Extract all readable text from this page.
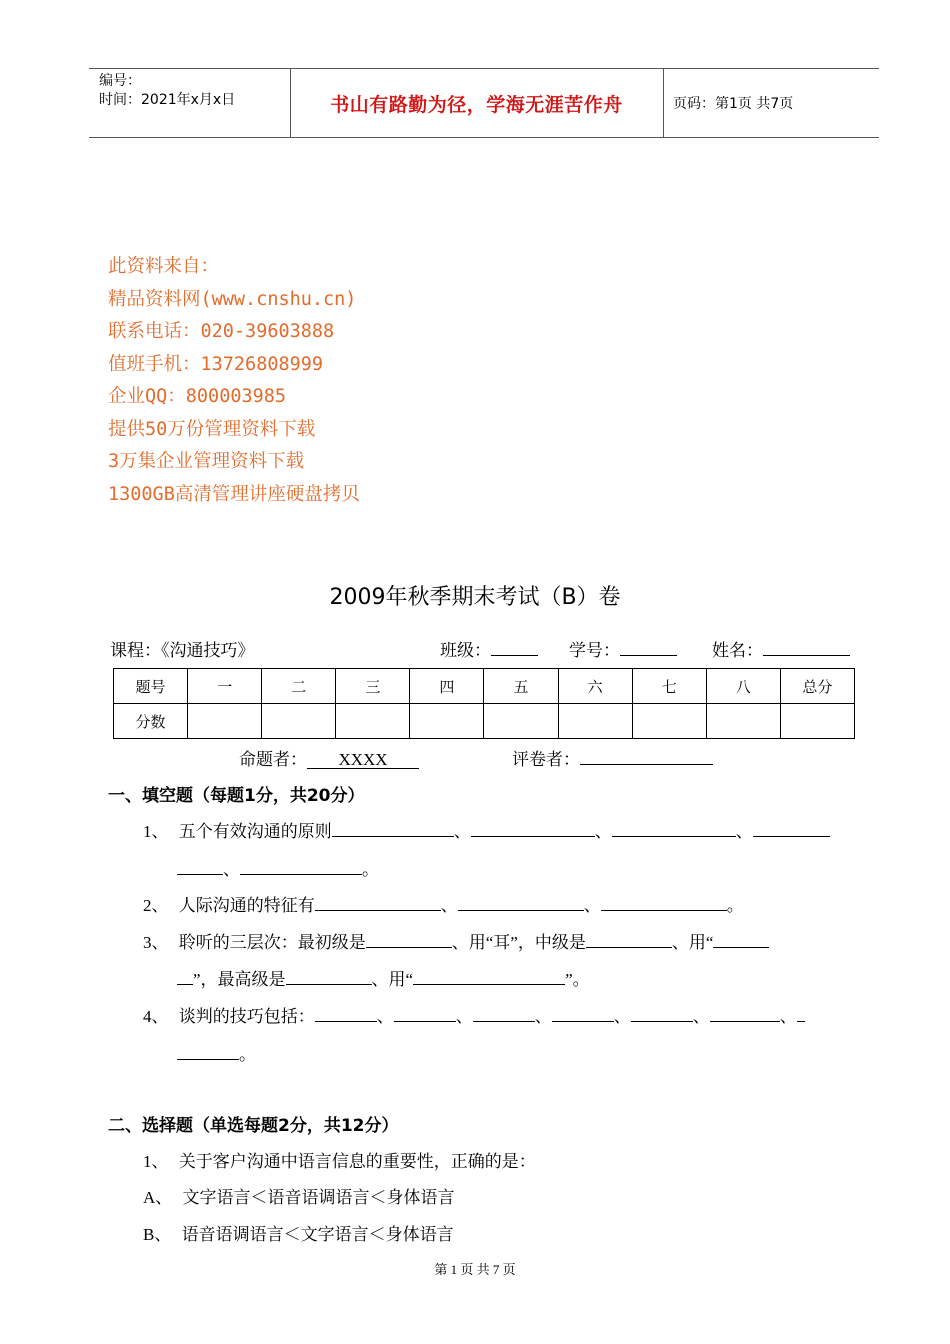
编号：
时间：2021年x月x日	书山有路勤为径，学海无涯苦作舟	页码：第1页 共7页
此资料来自：
精品资料网(www.cnshu.cn)
联系电话：020-39603888
值班手机：13726808999
企业QQ：800003985
提供50万份管理资料下载
3万集企业管理资料下载
1300GB高清管理讲座硬盘拷贝
2009年秋季期末考试（B）卷
课程：《沟通技巧》	班级：	学号：	姓名：
题号	一	二	三	四	五	六	七	八	总分
分数									
命题者： XXXX	评卷者：
一、填空题（每题1分，共20分）
1、 五个有效沟通的原则	、	、	、
、	。
2、 人际沟通的特征有	、	、	。
3、 聆听的三层次：最初级是	、用“耳”，中级是	、用“
”，最高级是	、用“	”。
4、 谈判的技巧包括：	、	、	、	、	、	、
。
二、选择题（单选每题2分，共12分）
1、 关于客户沟通中语言信息的重要性，正确的是：
A、 文字语言＜语音语调语言＜身体语言
B、 语音语调语言＜文字语言＜身体语言
第 1 页 共 7 页
